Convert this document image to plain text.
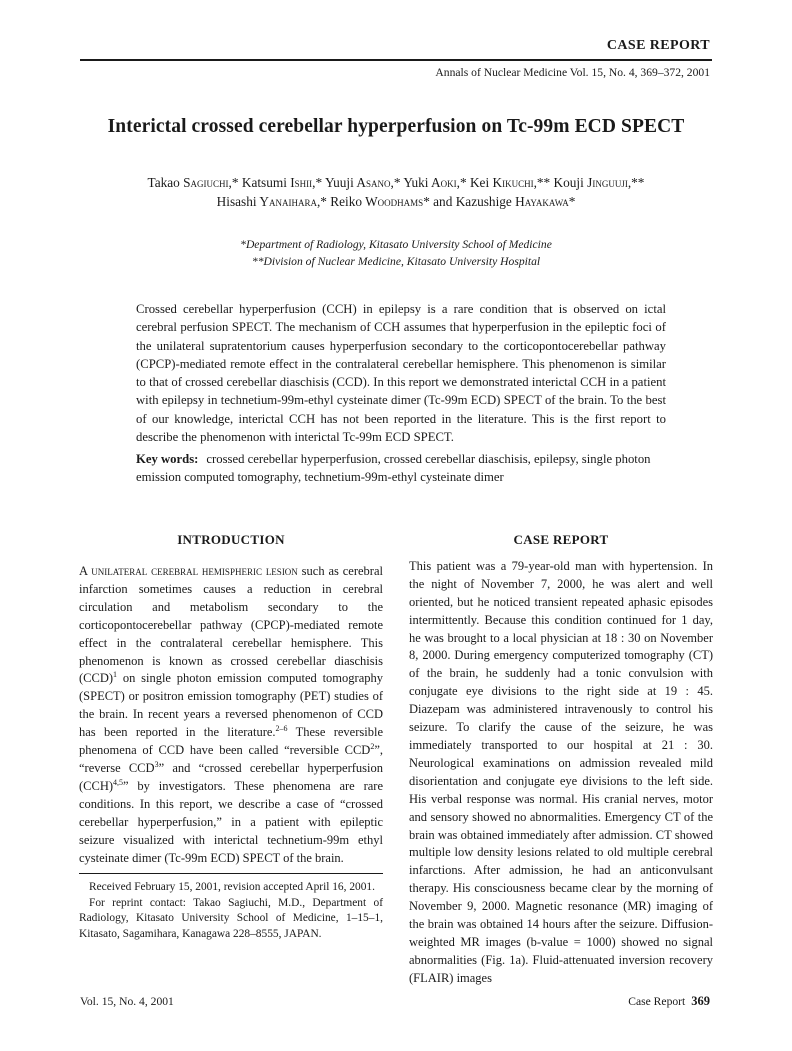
CASE REPORT
Annals of Nuclear Medicine Vol. 15, No. 4, 369–372, 2001
Interictal crossed cerebellar hyperperfusion on Tc-99m ECD SPECT
Takao Sagiuchi,* Katsumi Ishii,* Yuuji Asano,* Yuki Aoki,* Kei Kikuchi,** Kouji Jinguuji,**
Hisashi Yanaihara,* Reiko Woodhams* and Kazushige Hayakawa*
*Department of Radiology, Kitasato University School of Medicine
**Division of Nuclear Medicine, Kitasato University Hospital
Crossed cerebellar hyperperfusion (CCH) in epilepsy is a rare condition that is observed on ictal cerebral perfusion SPECT. The mechanism of CCH assumes that hyperperfusion in the epileptic foci of the unilateral supratentorium causes hyperperfusion secondary to the corticopontocerebellar pathway (CPCP)-mediated remote effect in the contralateral cerebellar hemisphere. This phenomenon is similar to that of crossed cerebellar diaschisis (CCD). In this report we demonstrated interictal CCH in a patient with epilepsy in technetium-99m-ethyl cysteinate dimer (Tc-99m ECD) SPECT of the brain. To the best of our knowledge, interictal CCH has not been reported in the literature. This is the first report to describe the phenomenon with interictal Tc-99m ECD SPECT.
Key words: crossed cerebellar hyperperfusion, crossed cerebellar diaschisis, epilepsy, single photon emission computed tomography, technetium-99m-ethyl cysteinate dimer
INTRODUCTION
A unilateral cerebral hemispheric lesion such as cerebral infarction sometimes causes a reduction in cerebral circulation and metabolism secondary to the corticopontocerebellar pathway (CPCP)-mediated remote effect in the contralateral cerebellar hemisphere. This phenomenon is known as crossed cerebellar diaschisis (CCD)$^1$ on single photon emission computed tomography (SPECT) or positron emission tomography (PET) studies of the brain. In recent years a reversed phenomenon of CCD has been reported in the literature.$^{2-6}$ These reversible phenomena of CCD have been called “reversible CCD$^2$”, “reverse CCD$^3$” and “crossed cerebellar hyperperfusion (CCH)$^{4,5}$” by investigators. These phenomena are rare conditions. In this report, we describe a case of “crossed cerebellar hyperperfusion,” in a patient with epileptic seizure visualized with interictal technetium-99m ethyl cysteinate dimer (Tc-99m ECD) SPECT of the brain.

Received February 15, 2001, revision accepted April 16, 2001.

For reprint contact: Takao Sagiuchi, M.D., Department of Radiology, Kitasato University School of Medicine, 1–15–1, Kitasato, Sagamihara, Kanagawa 228–8555, JAPAN.

CASE REPORT
This patient was a 79-year-old man with hypertension. In the night of November 7, 2000, he was alert and well oriented, but he noticed transient repeated aphasic episodes intermittently. Because this condition continued for 1 day, he was brought to a local physician at 18 : 30 on November 8, 2000. During emergency computerized tomography (CT) of the brain, he suddenly had a tonic convulsion with conjugate eye divisions to the right side at 19 : 45. Diazepam was administered intravenously to control his seizure. To clarify the cause of the seizure, he was immediately transported to our hospital at 21 : 30. Neurological examinations on admission revealed mild disorientation and conjugate eye divisions to the left side. His verbal response was normal. His cranial nerves, motor and sensory showed no abnormalities. Emergency CT of the brain was obtained immediately after admission. CT showed multiple low density lesions related to old multiple cerebral infarctions. After admission, he had an anticonvulsant therapy. His consciousness became clear by the morning of November 9, 2000. Magnetic resonance (MR) imaging of the brain was obtained 14 hours after the seizure. Diffusion-weighted MR images (b-value = 1000) showed no signal abnormalities (Fig. 1a). Fluid-attenuated inversion recovery (FLAIR) images
Vol. 15, No. 4, 2001	Case Report 369
